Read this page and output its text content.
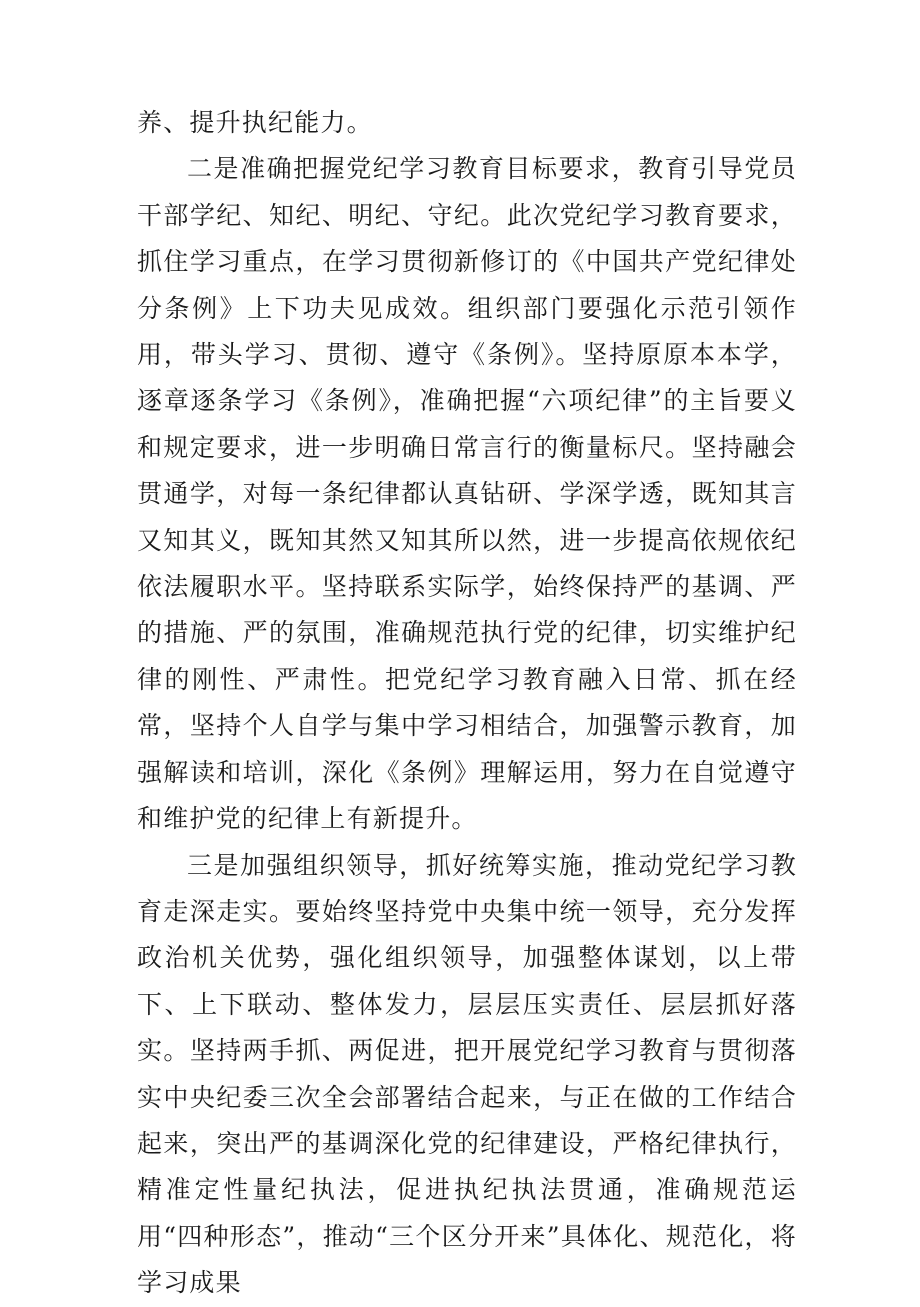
养、提升执纪能力。

二是准确把握党纪学习教育目标要求，教育引导党员干部学纪、知纪、明纪、守纪。此次党纪学习教育要求，抓住学习重点，在学习贯彻新修订的《中国共产党纪律处分条例》上下功夫见成效。组织部门要强化示范引领作用，带头学习、贯彻、遵守《条例》。坚持原原本本学，逐章逐条学习《条例》，准确把握“六项纪律”的主旨要义和规定要求，进一步明确日常言行的衡量标尺。坚持融会贯通学，对每一条纪律都认真钻研、学深学透，既知其言又知其义，既知其然又知其所以然，进一步提高依规依纪依法履职水平。坚持联系实际学，始终保持严的基调、严的措施、严的氛围，准确规范执行党的纪律，切实维护纪律的刚性、严肃性。把党纪学习教育融入日常、抓在经常，坚持个人自学与集中学习相结合，加强警示教育，加强解读和培训，深化《条例》理解运用，努力在自觉遵守和维护党的纪律上有新提升。

三是加强组织领导，抓好统筹实施，推动党纪学习教育走深走实。要始终坚持党中央集中统一领导，充分发挥政治机关优势，强化组织领导，加强整体谋划，以上带下、上下联动、整体发力，层层压实责任、层层抓好落实。坚持两手抓、两促进，把开展党纪学习教育与贯彻落实中央纪委三次全会部署结合起来，与正在做的工作结合起来，突出严的基调深化党的纪律建设，严格纪律执行，精准定性量纪执法，促进执纪执法贯通，准确规范运用“四种形态”，推动“三个区分开来”具体化、规范化，将学习成果
